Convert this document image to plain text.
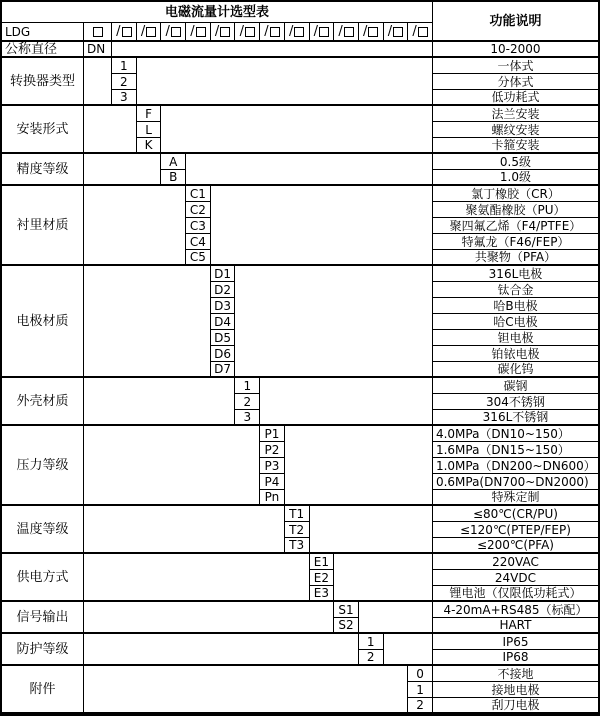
电磁流量计选型表
功能说明
LDG
公称直径	DN	10-2000
/ / / / / / / / / / / / /
转换器类型
1	一体式
2	分体式
3	低功耗式
安装形式
F	法兰安装
L	螺纹安装
K	卡箍安装
精度等级	A	0.5级
B	1.0级
衬里材质
C1	氯丁橡胶（CR）
C2	聚氨酯橡胶（PU）
C3	聚四氟乙烯（F4/PTFE）
C4	特氟龙（F46/FEP）
C5	共聚物（PFA）
电极材质
D1	316L电极
D2	钛合金
D3	哈B电极
D4	哈C电极
D5	钽电极
D6	铂铱电极
D7	碳化钨
外壳材质
1	碳钢
2	304不锈钢
3	316L不锈钢
压力等级
P1	4.0MPa（DN10~150）
P2	1.6MPa（DN15~150）
P3	1.0MPa（DN200~DN600）
P4	0.6MPa(DN700~DN2000)
Pn	特殊定制
温度等级
T1	≤80℃(CR/PU)
T2	≤120℃(PTEP/FEP)
T3	≤200℃(PFA)
供电方式
E1	220VAC
E2	24VDC
E3	锂电池（仅限低功耗式）
信号输出	S1	4-20mA+RS485（标配）
S2	HART
防护等级	1	IP65
2	IP68
附件
0	不接地
1	接地电极
2	刮刀电极
